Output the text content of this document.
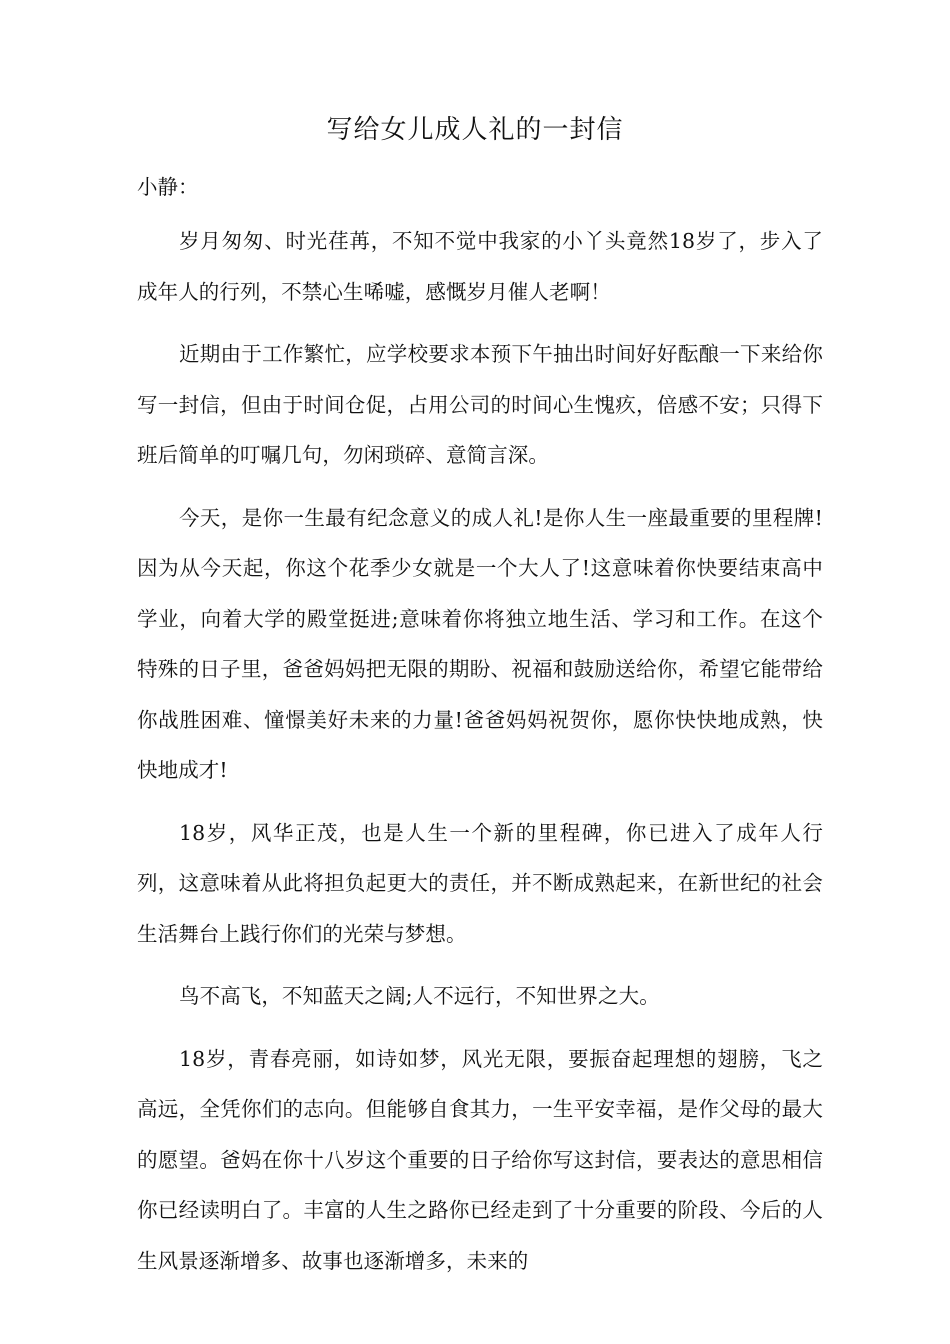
写给女儿成人礼的一封信

小静：

岁月匆匆、时光荏苒，不知不觉中我家的小丫头竟然18岁了，步入了成年人的行列，不禁心生唏嘘，感慨岁月催人老啊！

近期由于工作繁忙，应学校要求本预下午抽出时间好好酝酿一下来给你写一封信，但由于时间仓促，占用公司的时间心生愧疚，倍感不安；只得下班后简单的叮嘱几句，勿闲琐碎、意简言深。

今天，是你一生最有纪念意义的成人礼!是你人生一座最重要的里程牌!因为从今天起，你这个花季少女就是一个大人了!这意味着你快要结束高中学业，向着大学的殿堂挺进;意味着你将独立地生活、学习和工作。在这个特殊的日子里，爸爸妈妈把无限的期盼、祝福和鼓励送给你，希望它能带给你战胜困难、憧憬美好未来的力量!爸爸妈妈祝贺你，愿你快快地成熟，快快地成才!

18岁，风华正茂，也是人生一个新的里程碑，你已进入了成年人行列，这意味着从此将担负起更大的责任，并不断成熟起来，在新世纪的社会生活舞台上践行你们的光荣与梦想。

鸟不高飞，不知蓝天之阔;人不远行，不知世界之大。

18岁，青春亮丽，如诗如梦，风光无限，要振奋起理想的翅膀，飞之高远，全凭你们的志向。但能够自食其力，一生平安幸福，是作父母的最大的愿望。爸妈在你十八岁这个重要的日子给你写这封信，要表达的意思相信你已经读明白了。丰富的人生之路你已经走到了十分重要的阶段、今后的人生风景逐渐增多、故事也逐渐增多，未来的
